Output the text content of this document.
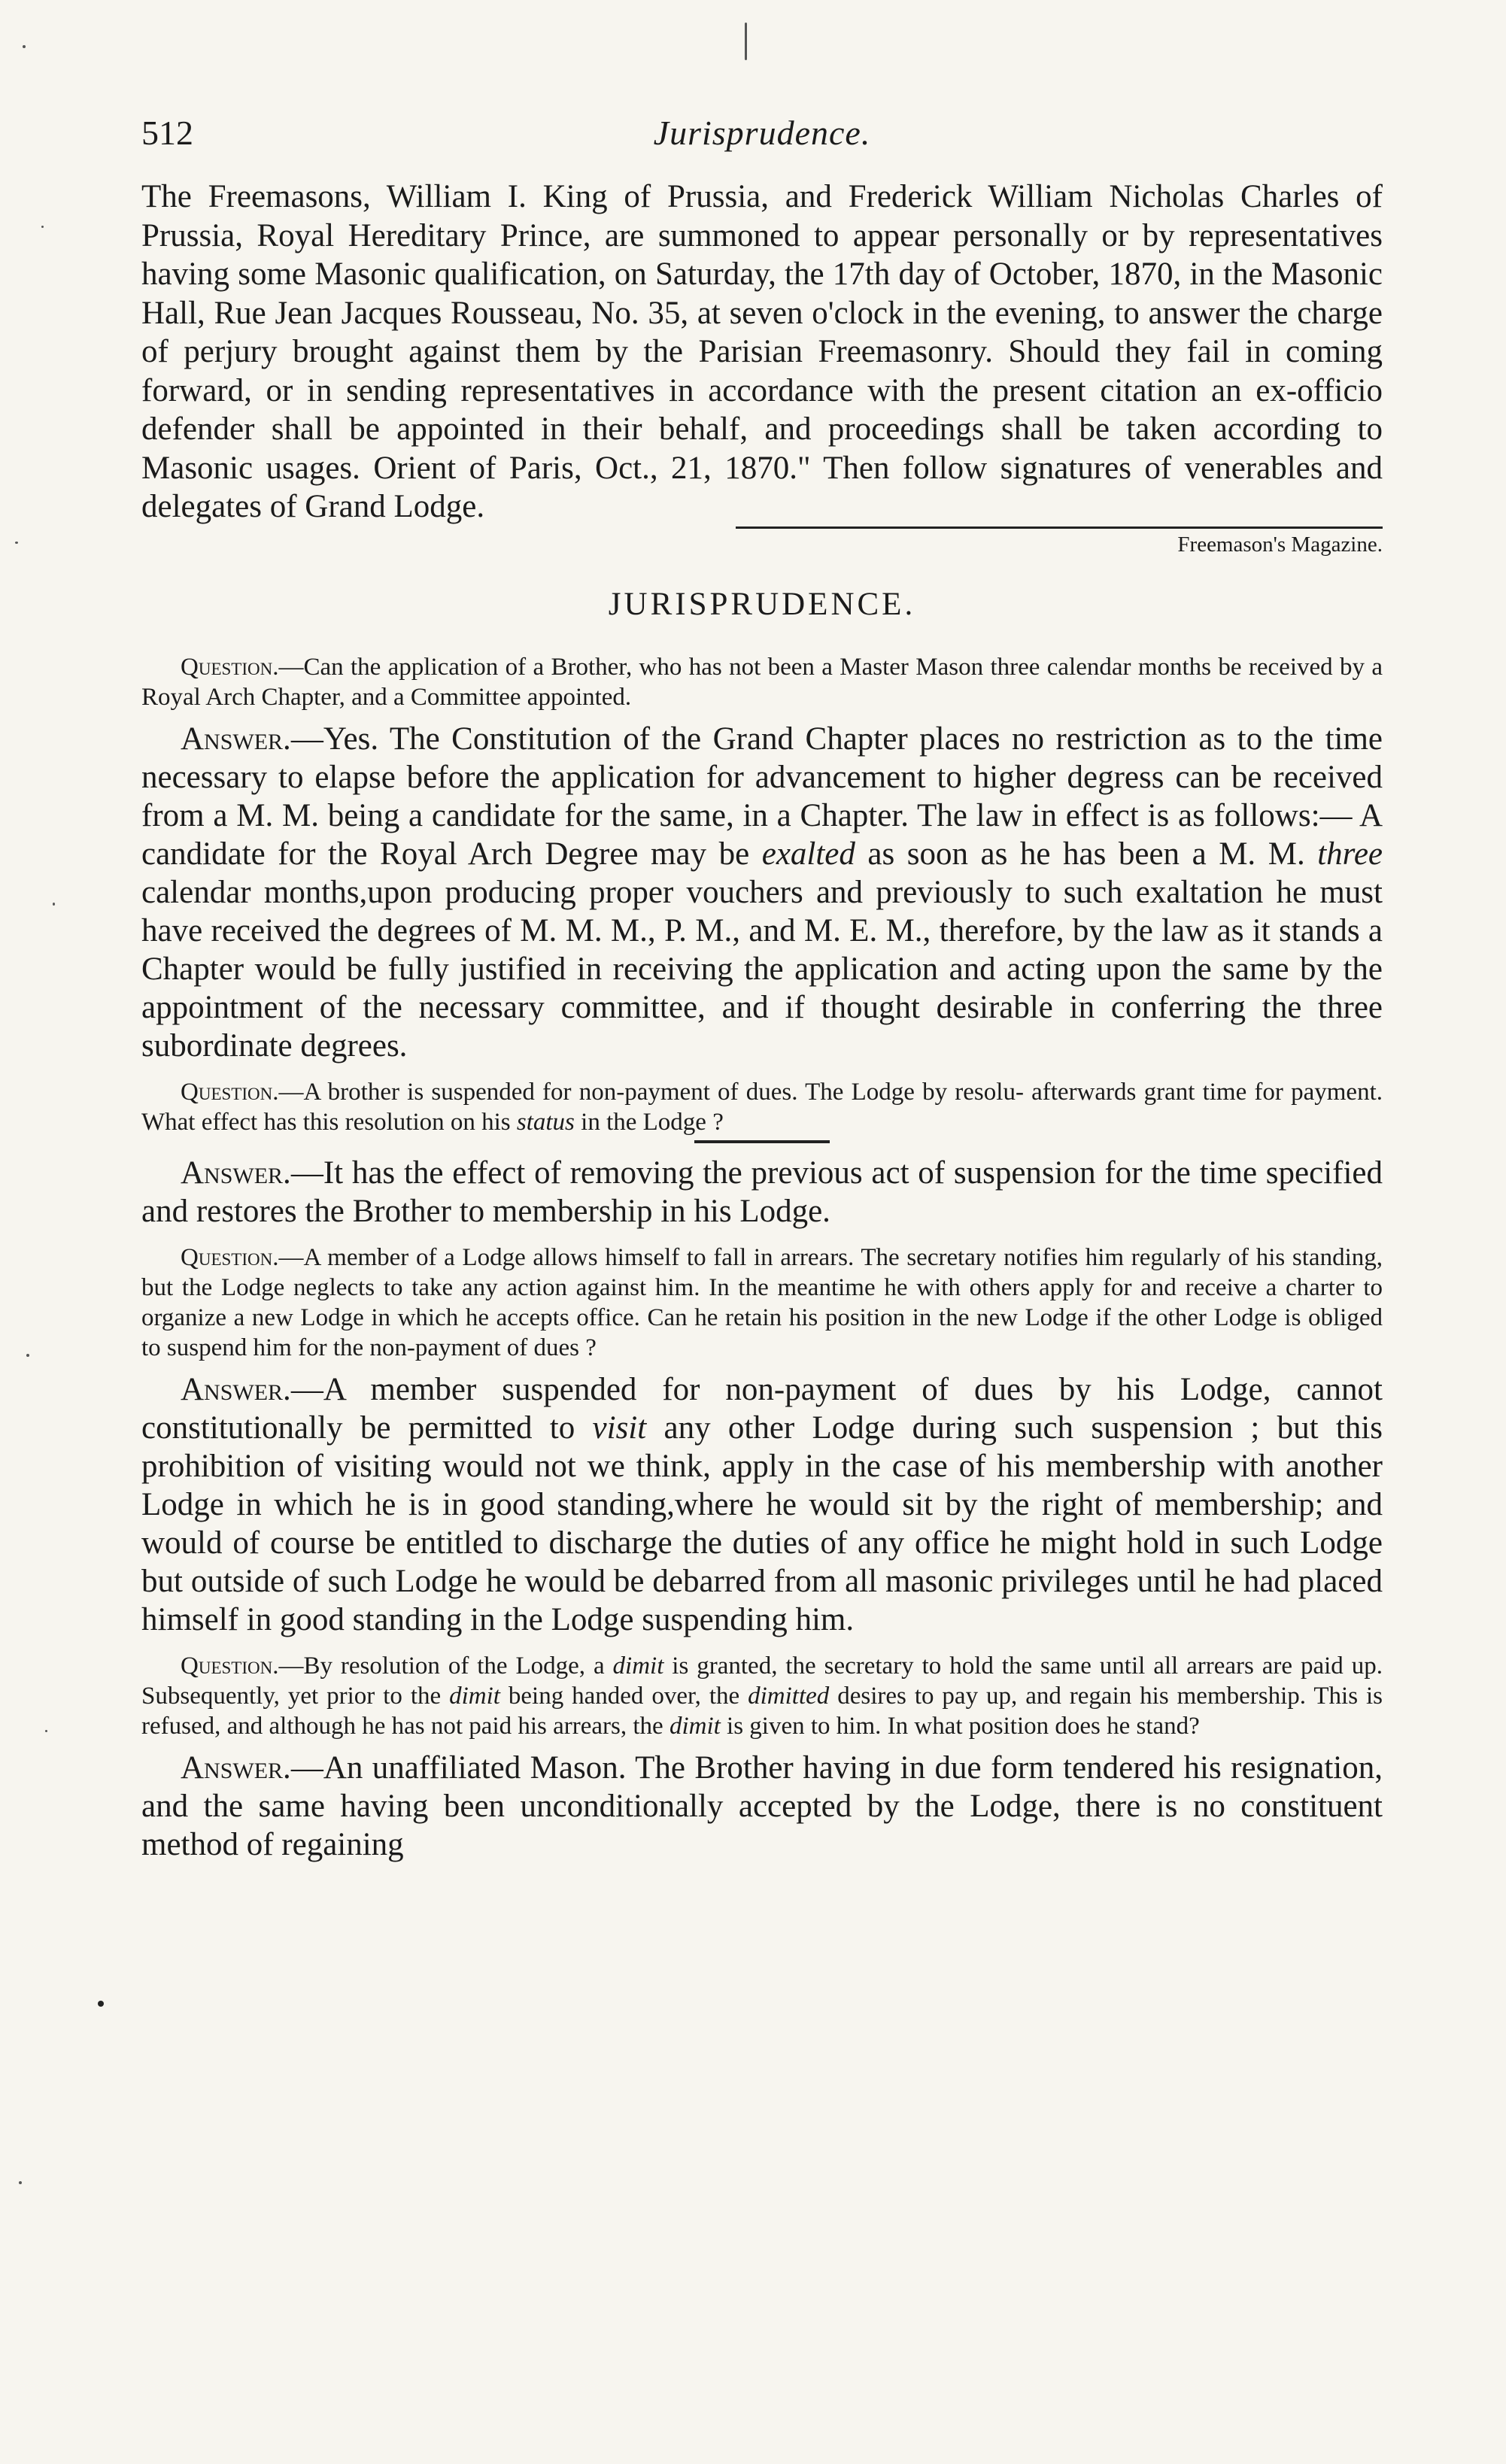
512	Jurisprudence.

The Freemasons, William I. King of Prussia, and Frederick William Nicholas Charles of Prussia, Royal Hereditary Prince, are summoned to appear personally or by representatives having some Masonic qualification, on Saturday, the 17th day of October, 1870, in the Masonic Hall, Rue Jean Jacques Rousseau, No. 35, at seven o'clock in the evening, to answer the charge of perjury brought against them by the Parisian Freemasonry. Should they fail in coming forward, or in sending representatives in accordance with the present citation an ex-officio defender shall be appointed in their behalf, and proceedings shall be taken according to Masonic usages. Orient of Paris, Oct., 21, 1870." Then follow signatures of venerables and delegates of Grand Lodge.

Freemason's Magazine.

JURISPRUDENCE.

Question.—Can the application of a Brother, who has not been a Master Mason three calendar months be received by a Royal Arch Chapter, and a Committee appointed.

Answer.—Yes. The Constitution of the Grand Chapter places no restriction as to the time necessary to elapse before the application for advancement to higher degress can be received from a M. M. being a candidate for the same, in a Chapter. The law in effect is as follows:— A candidate for the Royal Arch Degree may be exalted as soon as he has been a M. M. three calendar months,upon producing proper vouchers and previously to such exaltation he must have received the degrees of M. M. M., P. M., and M. E. M., therefore, by the law as it stands a Chapter would be fully justified in receiving the application and acting upon the same by the appointment of the necessary committee, and if thought desirable in conferring the three subordinate degrees.

Question.—A brother is suspended for non-payment of dues. The Lodge by resolu- afterwards grant time for payment. What effect has this resolution on his status in the Lodge ?

Answer.—It has the effect of removing the previous act of suspension for the time specified and restores the Brother to membership in his Lodge.

Question.—A member of a Lodge allows himself to fall in arrears. The secretary notifies him regularly of his standing, but the Lodge neglects to take any action against him. In the meantime he with others apply for and receive a charter to organize a new Lodge in which he accepts office. Can he retain his position in the new Lodge if the other Lodge is obliged to suspend him for the non-payment of dues ?

Answer.—A member suspended for non-payment of dues by his Lodge, cannot constitutionally be permitted to visit any other Lodge during such suspension ; but this prohibition of visiting would not we think, apply in the case of his membership with another Lodge in which he is in good standing,where he would sit by the right of membership; and would of course be entitled to discharge the duties of any office he might hold in such Lodge but outside of such Lodge he would be debarred from all masonic privileges until he had placed himself in good standing in the Lodge suspending him.

Question.—By resolution of the Lodge, a dimit is granted, the secretary to hold the same until all arrears are paid up. Subsequently, yet prior to the dimit being handed over, the dimitted desires to pay up, and regain his membership. This is refused, and although he has not paid his arrears, the dimit is given to him. In what position does he stand?

Answer.—An unaffiliated Mason. The Brother having in due form tendered his resignation, and the same having been unconditionally accepted by the Lodge, there is no constituent method of regaining
